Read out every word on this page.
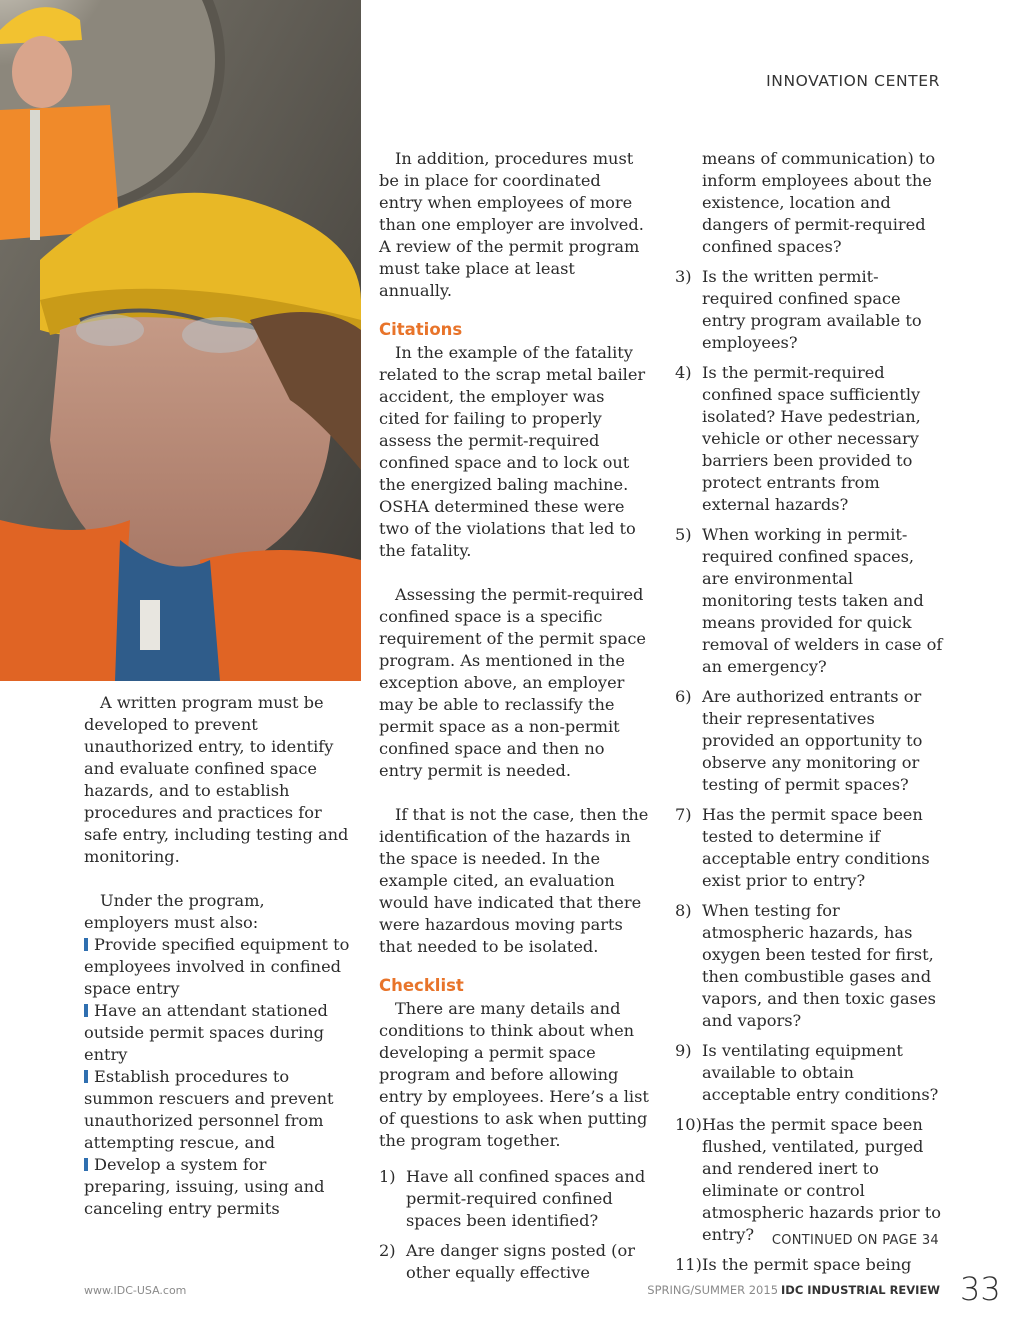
INNOVATION CENTER

A written program must be developed to prevent unauthorized entry, to identify and evaluate confined space hazards, and to establish procedures and practices for safe entry, including testing and monitoring.

Under the program, employers must also:

Provide specified equipment to employees involved in confined space entry

Have an attendant stationed outside permit spaces during entry

Establish procedures to summon rescuers and prevent unauthorized personnel from attempting rescue, and

Develop a system for preparing, issuing, using and canceling entry permits

In addition, procedures must be in place for coordinated entry when employees of more than one employer are involved. A review of the permit program must take place at least annually.

Citations

In the example of the fatality related to the scrap metal bailer accident, the employer was cited for failing to properly assess the permit-required confined space and to lock out the energized baling machine. OSHA determined these were two of the violations that led to the fatality.

Assessing the permit-required confined space is a specific requirement of the permit space program. As mentioned in the exception above, an employer may be able to reclassify the permit space as a non-permit confined space and then no entry permit is needed.

If that is not the case, then the identification of the hazards in the space is needed. In the example cited, an evaluation would have indicated that there were hazardous moving parts that needed to be isolated.

Checklist

There are many details and conditions to think about when developing a permit space program and before allowing entry by employees. Here’s a list of questions to ask when putting the program together.

1) Have all confined spaces and permit-required confined spaces been identified?
2) Are danger signs posted (or other equally effective

means of communication) to inform employees about the existence, location and dangers of permit-required confined spaces?

3) Is the written permit-required confined space entry program available to employees?
4) Is the permit-required confined space sufficiently isolated? Have pedestrian, vehicle or other necessary barriers been provided to protect entrants from external hazards?
5) When working in permit-required confined spaces, are environmental monitoring tests taken and means provided for quick removal of welders in case of an emergency?
6) Are authorized entrants or their representatives provided an opportunity to observe any monitoring or testing of permit spaces?
7) Has the permit space been tested to determine if acceptable entry conditions exist prior to entry?
8) When testing for atmospheric hazards, has oxygen been tested for first, then combustible gases and vapors, and then toxic gases and vapors?
9) Is ventilating equipment available to obtain acceptable entry conditions?
10) Has the permit space been flushed, ventilated, purged and rendered inert to eliminate or control atmospheric hazards prior to entry?
11) Is the permit space being
CONTINUED ON PAGE 34
www.IDC-USA.com	SPRING/SUMMER 2015 IDC INDUSTRIAL REVIEW 33
